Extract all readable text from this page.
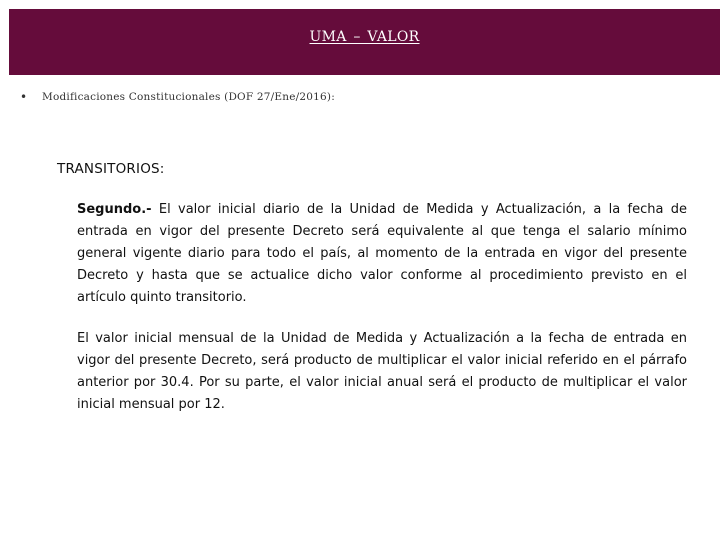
UMA – VALOR
•	Modificaciones Constitucionales (DOF 27/Ene/2016):
TRANSITORIOS:
Segundo.- El valor inicial diario de la Unidad de Medida y Actualización, a la fecha de entrada en vigor del presente Decreto será equivalente al que tenga el salario mínimo general vigente diario para todo el país, al momento de la entrada en vigor del presente Decreto y hasta que se actualice dicho valor conforme al procedimiento previsto en el artículo quinto transitorio.
El valor inicial mensual de la Unidad de Medida y Actualización a la fecha de entrada en vigor del presente Decreto, será producto de multiplicar el valor inicial referido en el párrafo anterior por 30.4. Por su parte, el valor inicial anual será el producto de multiplicar el valor inicial mensual por 12.
